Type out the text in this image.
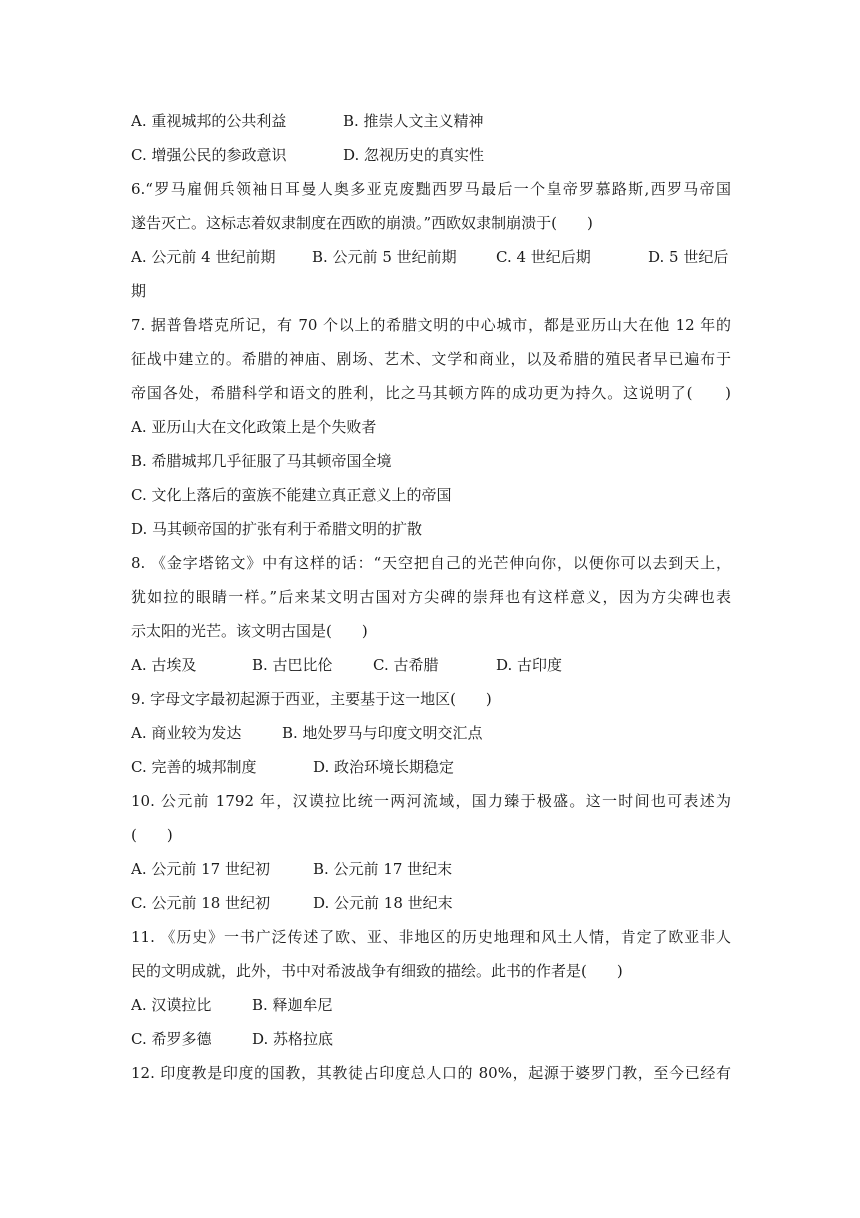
A. 重视城邦的公共利益	B. 推崇人文主义精神
C. 增强公民的参政意识	D. 忽视历史的真实性
6.“罗马雇佣兵领袖日耳曼人奥多亚克废黜西罗马最后一个皇帝罗慕路斯,西罗马帝国
遂告灭亡。这标志着奴隶制度在西欧的崩溃。”西欧奴隶制崩溃于(　　)
A. 公元前 4 世纪前期 B. 公元前 5 世纪前期	C. 4 世纪后期	D. 5 世纪后
期
7. 据普鲁塔克所记，有 70 个以上的希腊文明的中心城市，都是亚历山大在他 12 年的
征战中建立的。希腊的神庙、剧场、艺术、文学和商业，以及希腊的殖民者早已遍布于
帝国各处，希腊科学和语文的胜利，比之马其顿方阵的成功更为持久。这说明了(　　)
A. 亚历山大在文化政策上是个失败者
B. 希腊城邦几乎征服了马其顿帝国全境
C. 文化上落后的蛮族不能建立真正意义上的帝国
D. 马其顿帝国的扩张有利于希腊文明的扩散
8. 《金字塔铭文》中有这样的话：“天空把自己的光芒伸向你，以便你可以去到天上，
犹如拉的眼睛一样。”后来某文明古国对方尖碑的崇拜也有这样意义，因为方尖碑也表
示太阳的光芒。该文明古国是(　　)
A. 古埃及	B. 古巴比伦	C. 古希腊	D. 古印度
9. 字母文字最初起源于西亚，主要基于这一地区(　　)
A. 商业较为发达	B. 地处罗马与印度文明交汇点
C. 完善的城邦制度	D. 政治环境长期稳定
10. 公元前 1792 年，汉谟拉比统一两河流域，国力臻于极盛。这一时间也可表述为
(　　)
A. 公元前 17 世纪初	B. 公元前 17 世纪末
C. 公元前 18 世纪初	D. 公元前 18 世纪末
11. 《历史》一书广泛传述了欧、亚、非地区的历史地理和风土人情，肯定了欧亚非人
民的文明成就，此外，书中对希波战争有细致的描绘。此书的作者是(　　)
A. 汉谟拉比	B. 释迦牟尼
C. 希罗多德	D. 苏格拉底
12. 印度教是印度的国教，其教徒占印度总人口的 80%，起源于婆罗门教，至今已经有
